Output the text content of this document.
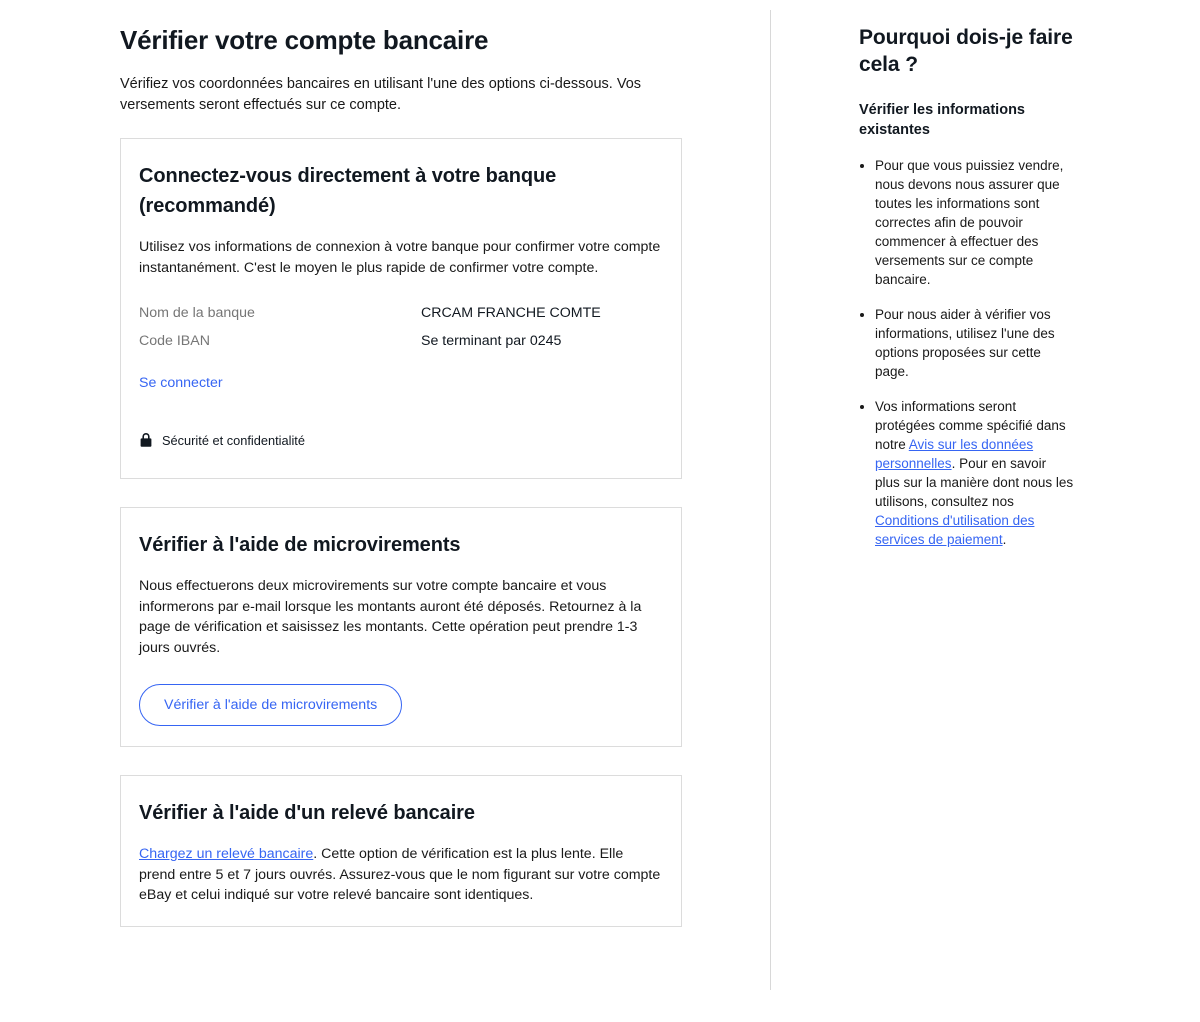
Vérifier votre compte bancaire

Vérifiez vos coordonnées bancaires en utilisant l'une des options ci-dessous. Vos versements seront effectués sur ce compte.

Connectez-vous directement à votre banque (recommandé)

Utilisez vos informations de connexion à votre banque pour confirmer votre compte instantanément. C'est le moyen le plus rapide de confirmer votre compte.

Nom de la banque	CRCAM FRANCHE COMTE
Code IBAN	Se terminant par 0245
Se connecter
Sécurité et confidentialité
Vérifier à l'aide de microvirements

Nous effectuerons deux microvirements sur votre compte bancaire et vous informerons par e-mail lorsque les montants auront été déposés. Retournez à la page de vérification et saisissez les montants. Cette opération peut prendre 1-3 jours ouvrés.

Vérifier à l'aide de microvirements
Vérifier à l'aide d'un relevé bancaire

Chargez un relevé bancaire. Cette option de vérification est la plus lente. Elle prend entre 5 et 7 jours ouvrés. Assurez-vous que le nom figurant sur votre compte eBay et celui indiqué sur votre relevé bancaire sont identiques.

Pourquoi dois-je faire cela ?
Vérifier les informations existantes
• Pour que vous puissiez vendre, nous devons nous assurer que toutes les informations sont correctes afin de pouvoir commencer à effectuer des versements sur ce compte bancaire.
• Pour nous aider à vérifier vos informations, utilisez l'une des options proposées sur cette page.
• Vos informations seront protégées comme spécifié dans notre Avis sur les données personnelles. Pour en savoir plus sur la manière dont nous les utilisons, consultez nos Conditions d'utilisation des services de paiement.
